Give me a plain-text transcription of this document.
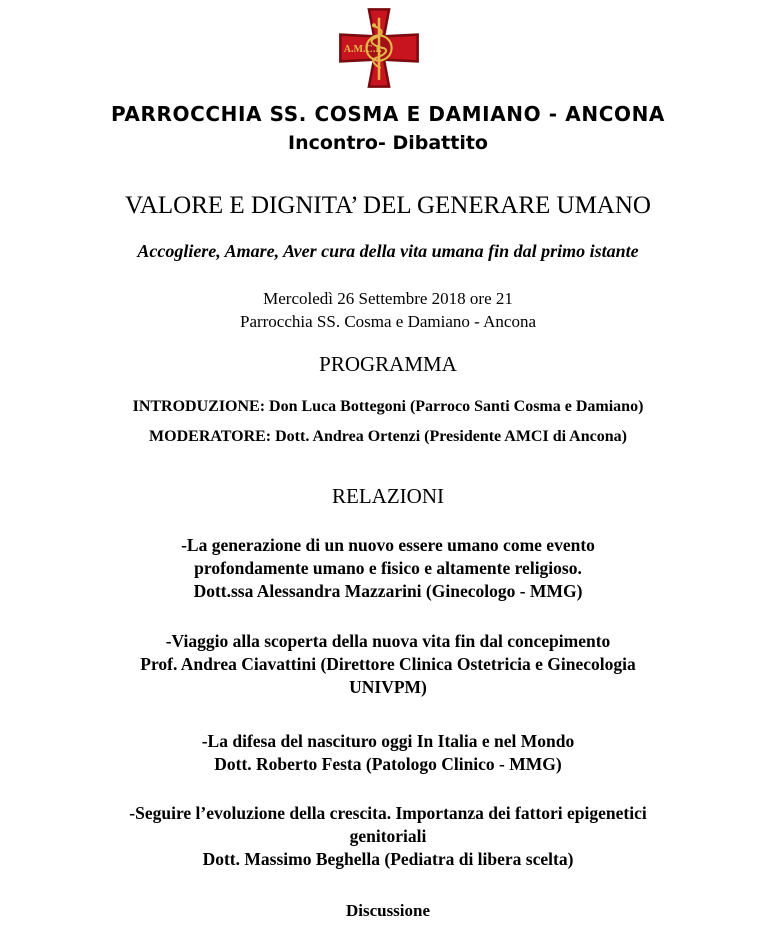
A.M.C.I.
PARROCCHIA SS. COSMA E DAMIANO - ANCONA
Incontro- Dibattito
VALORE E DIGNITA’ DEL GENERARE UMANO
Accogliere, Amare, Aver cura della vita umana fin dal primo istante
Mercoledì 26 Settembre 2018 ore 21
Parrocchia SS. Cosma e Damiano - Ancona
PROGRAMMA
INTRODUZIONE: Don Luca Bottegoni (Parroco Santi Cosma e Damiano)
MODERATORE: Dott. Andrea Ortenzi (Presidente AMCI di Ancona)
RELAZIONI
-La generazione di un nuovo essere umano come evento
profondamente umano e fisico e altamente religioso.
Dott.ssa Alessandra Mazzarini (Ginecologo - MMG)
-Viaggio alla scoperta della nuova vita fin dal concepimento
Prof. Andrea Ciavattini (Direttore Clinica Ostetricia e Ginecologia
UNIVPM)
-La difesa del nascituro oggi In Italia e nel Mondo
Dott. Roberto Festa (Patologo Clinico - MMG)
-Seguire l’evoluzione della crescita. Importanza dei fattori epigenetici
genitoriali
Dott. Massimo Beghella (Pediatra di libera scelta)
Discussione
